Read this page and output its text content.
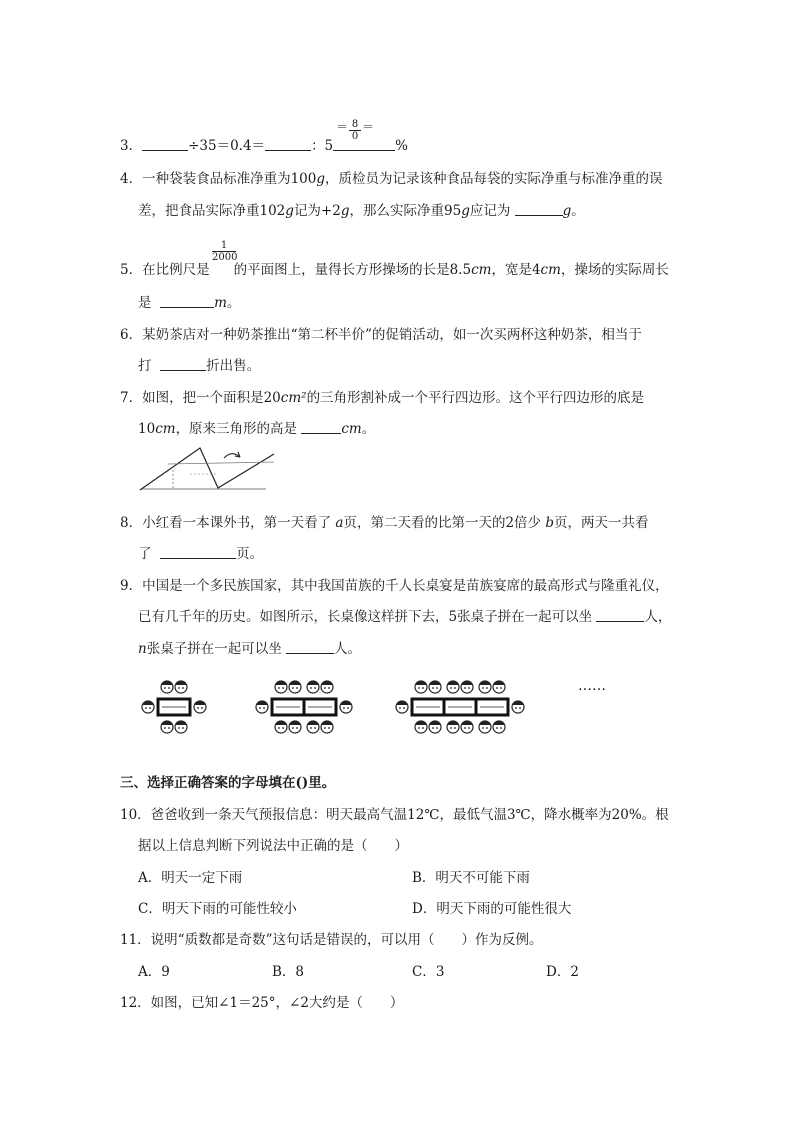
$\frac{8}{0}$
＝ ＝
3．	÷35＝0.4＝	：5	%
4．一种袋装食品标准净重为100g，质检员为记录该种食品每袋的实际净重与标准净重的误
差，把食品实际净重102g记为+2g，那么实际净重95g应记为	g。
$\frac{1}{2000}$
5．在比例尺是 的平面图上，量得长方形操场的长是8.5cm，宽是4cm，操场的实际周长
是	m。
6．某奶茶店对一种奶茶推出“第二杯半价”的促销活动，如一次买两杯这种奶茶，相当于
打	折出售。
7．如图，把一个面积是20cm²的三角形割补成一个平行四边形。这个平行四边形的底是
10cm，原来三角形的高是	cm。
8．小红看一本课外书，第一天看了 a页，第二天看的比第一天的2倍少 b页，两天一共看
了	页。
9．中国是一个多民族国家，其中我国苗族的千人长桌宴是苗族宴席的最高形式与隆重礼仪，
已有几千年的历史。如图所示，长桌像这样拼下去，5张桌子拼在一起可以坐	人，
n张桌子拼在一起可以坐	人。
……
三、选择正确答案的字母填在()里。
10．爸爸收到一条天气预报信息：明天最高气温12℃，最低气温3℃，降水概率为20%。根
据以上信息判断下列说法中正确的是（　　）
A．明天一定下雨	B．明天不可能下雨
C．明天下雨的可能性较小	D．明天下雨的可能性很大
11．说明“质数都是奇数”这句话是错误的，可以用（　　）作为反例。
A．9	B．8	C．3	D．2
12．如图，已知∠1＝25°，∠2大约是（　　）
